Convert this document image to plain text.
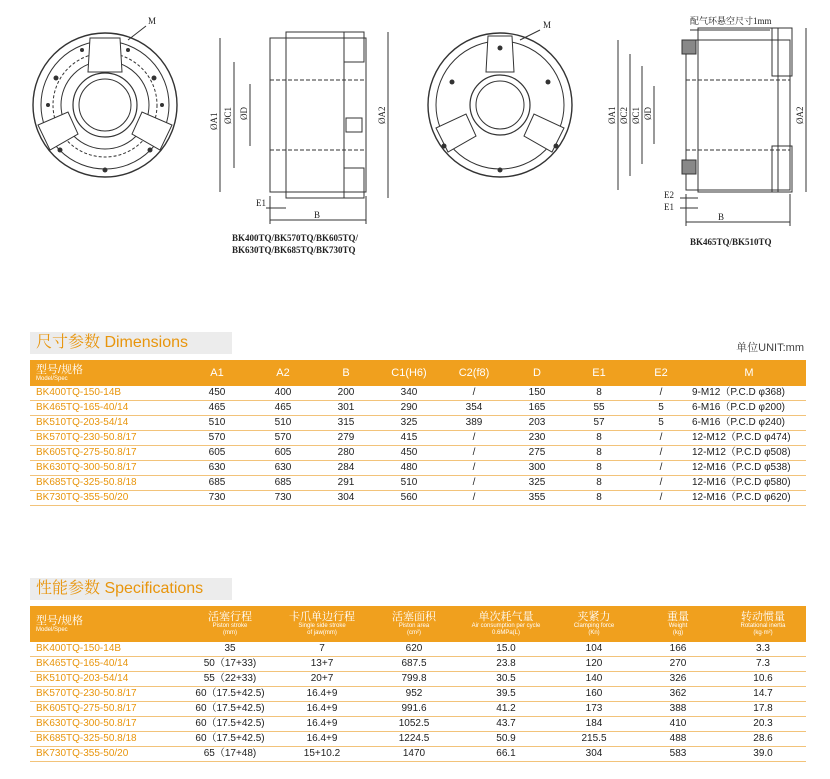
M	M	配气环悬空尺寸1mm
ØA1 ØC1 ØD	ØA2
E1
B
ØA1 ØC2 ØC1 ØD	ØA2
E2
E1
B
BK400TQ/BK570TQ/BK605TQ/
BK630TQ/BK685TQ/BK730TQ
BK465TQ/BK510TQ
尺寸参数 Dimensions	单位UNIT:mm
型号/规格
Model/Spec	A1	A2	B	C1(H6)	C2(f8)	D	E1	E2	M

BK400TQ-150-14B	450	400	200	340	/	150	8	/	9-M12（P.C.D φ368)
BK465TQ-165-40/14	465	465	301	290	354	165	55	5	6-M16（P.C.D φ200)
BK510TQ-203-54/14	510	510	315	325	389	203	57	5	6-M16（P.C.D φ240)
BK570TQ-230-50.8/17	570	570	279	415	/	230	8	/	12-M12（P.C.D φ474)
BK605TQ-275-50.8/17	605	605	280	450	/	275	8	/	12-M12（P.C.D φ508)
BK630TQ-300-50.8/17	630	630	284	480	/	300	8	/	12-M16（P.C.D φ538)
BK685TQ-325-50.8/18	685	685	291	510	/	325	8	/	12-M16（P.C.D φ580)
BK730TQ-355-50/20	730	730	304	560	/	355	8	/	12-M16（P.C.D φ620)
性能参数 Specifications
型号/规格
Model/Spec	活塞行程
Piston stroke
(mm)	卡爪单边行程
Single side stroke
of jaw(mm)	活塞面积
Piston area
(cm²)	单次耗气量
Air consumption per cycle
0.6MPa(L)	夹紧力
Clamping force
(Kn)	重量
Weight
(kg)	转动惯量
Rotational inertia
(kg·m²)

BK400TQ-150-14B	35	7	620	15.0	104	166	3.3
BK465TQ-165-40/14	50（17+33)	13+7	687.5	23.8	120	270	7.3
BK510TQ-203-54/14	55（22+33)	20+7	799.8	30.5	140	326	10.6
BK570TQ-230-50.8/17	60（17.5+42.5)	16.4+9	952	39.5	160	362	14.7
BK605TQ-275-50.8/17	60（17.5+42.5)	16.4+9	991.6	41.2	173	388	17.8
BK630TQ-300-50.8/17	60（17.5+42.5)	16.4+9	1052.5	43.7	184	410	20.3
BK685TQ-325-50.8/18	60（17.5+42.5)	16.4+9	1224.5	50.9	215.5	488	28.6
BK730TQ-355-50/20	65（17+48)	15+10.2	1470	66.1	304	583	39.0
